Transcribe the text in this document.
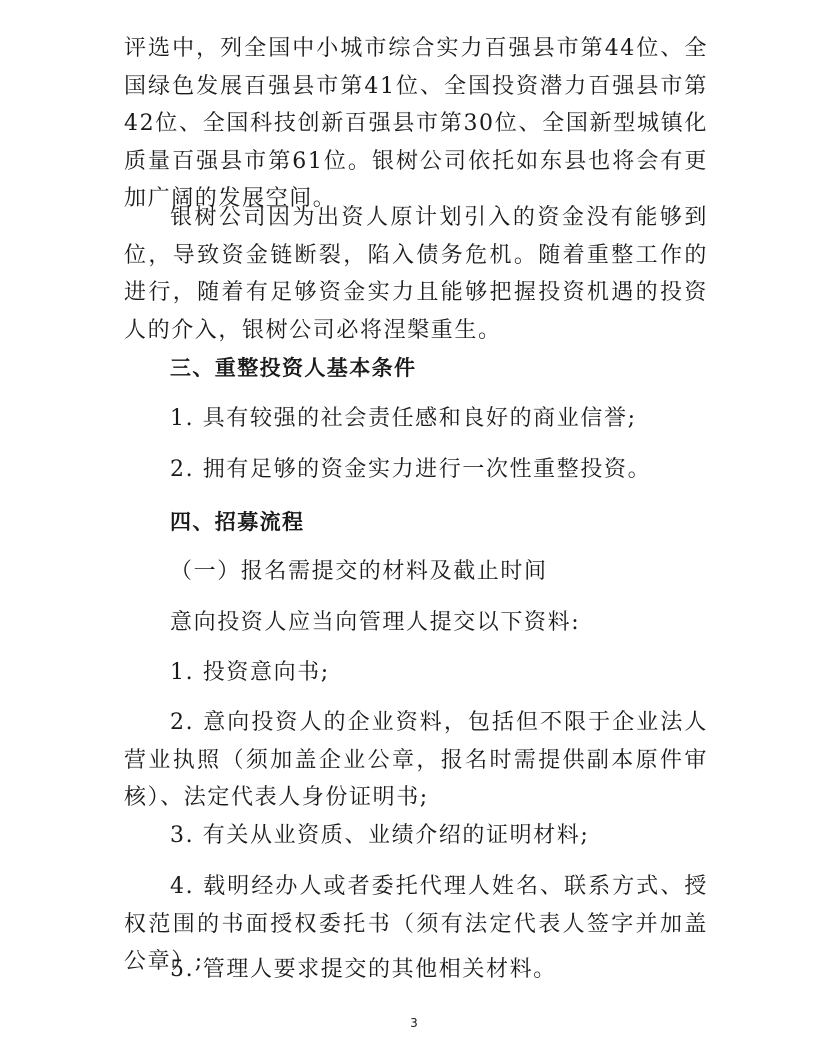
评选中，列全国中小城市综合实力百强县市第44位、全国绿色发展百强县市第41位、全国投资潜力百强县市第42位、全国科技创新百强县市第30位、全国新型城镇化质量百强县市第61位。银树公司依托如东县也将会有更加广阔的发展空间。

银树公司因为出资人原计划引入的资金没有能够到位，导致资金链断裂，陷入债务危机。随着重整工作的进行，随着有足够资金实力且能够把握投资机遇的投资人的介入，银树公司必将涅槃重生。

三、重整投资人基本条件

1. 具有较强的社会责任感和良好的商业信誉;

2. 拥有足够的资金实力进行一次性重整投资。

四、招募流程

（一）报名需提交的材料及截止时间

意向投资人应当向管理人提交以下资料:

1. 投资意向书;

2. 意向投资人的企业资料，包括但不限于企业法人营业执照（须加盖企业公章，报名时需提供副本原件审核）、法定代表人身份证明书;

3. 有关从业资质、业绩介绍的证明材料;

4. 载明经办人或者委托代理人姓名、联系方式、授权范围的书面授权委托书（须有法定代表人签字并加盖公章）;

5. 管理人要求提交的其他相关材料。

3
